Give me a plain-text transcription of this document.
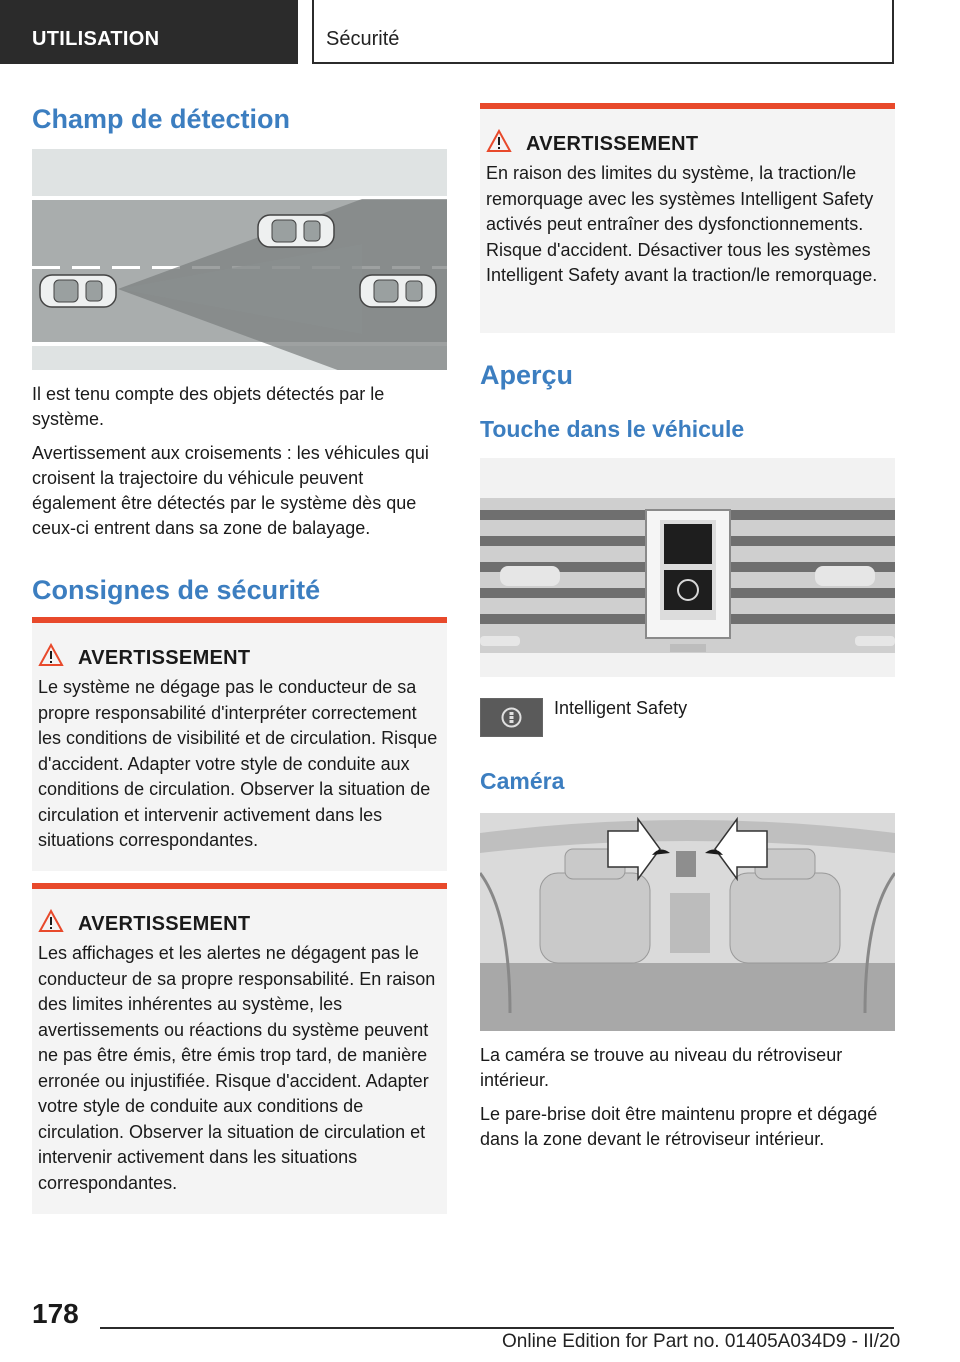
UTILISATION	Sécurité
Champ de détection

Il est tenu compte des objets détectés par le système.

Avertissement aux croisements : les véhicules qui croisent la trajectoire du véhicule peuvent également être détectés par le système dès que ceux-ci entrent dans sa zone de balayage.

Consignes de sécurité
AVERTISSEMENT

Le système ne dégage pas le conducteur de sa propre responsabilité d'interpréter correctement les conditions de visibilité et de circulation. Risque d'accident. Adapter votre style de conduite aux conditions de circulation. Observer la situation de circulation et intervenir activement dans les situations correspondantes.

AVERTISSEMENT

Les affichages et les alertes ne dégagent pas le conducteur de sa propre responsabilité. En raison des limites inhérentes au système, les avertissements ou réactions du système peuvent ne pas être émis, être émis trop tard, de manière erronée ou injustifiée. Risque d'accident. Adapter votre style de conduite aux conditions de circulation. Observer la situation de circulation et intervenir activement dans les situations correspondantes.

AVERTISSEMENT

En raison des limites du système, la traction/le remorquage avec les systèmes Intelligent Safety activés peut entraîner des dysfonctionnements. Risque d'accident. Désactiver tous les systèmes Intelligent Safety avant la traction/le remorquage.

Aperçu
Touche dans le véhicule
Intelligent Safety
Caméra

La caméra se trouve au niveau du rétroviseur intérieur.

Le pare-brise doit être maintenu propre et dégagé dans la zone devant le rétroviseur intérieur.

178
Online Edition for Part no. 01405A034D9 - II/20
